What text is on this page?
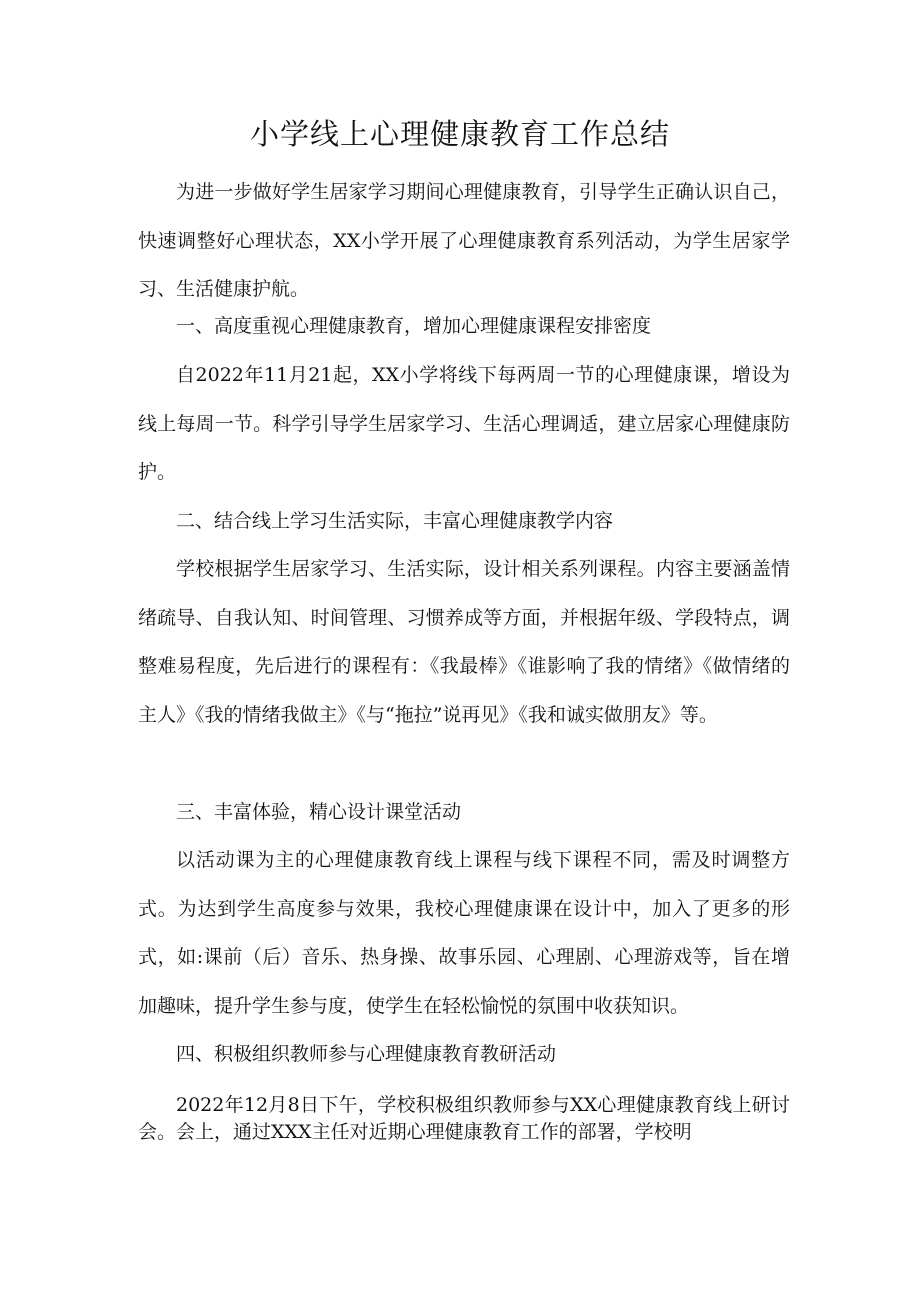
小学线上心理健康教育工作总结

为进一步做好学生居家学习期间心理健康教育，引导学生正确认识自己，快速调整好心理状态，XX小学开展了心理健康教育系列活动，为学生居家学习、生活健康护航。

一、高度重视心理健康教育，增加心理健康课程安排密度

自2022年11月21起，XX小学将线下每两周一节的心理健康课，增设为线上每周一节。科学引导学生居家学习、生活心理调适，建立居家心理健康防护。

二、结合线上学习生活实际，丰富心理健康教学内容

学校根据学生居家学习、生活实际，设计相关系列课程。内容主要涵盖情绪疏导、自我认知、时间管理、习惯养成等方面，并根据年级、学段特点，调整难易程度，先后进行的课程有：《我最棒》《谁影响了我的情绪》《做情绪的主人》《我的情绪我做主》《与“拖拉”说再见》《我和诚实做朋友》等。

三、丰富体验，精心设计课堂活动

以活动课为主的心理健康教育线上课程与线下课程不同，需及时调整方式。为达到学生高度参与效果，我校心理健康课在设计中，加入了更多的形式，如:课前（后）音乐、热身操、故事乐园、心理剧、心理游戏等，旨在增加趣味，提升学生参与度，使学生在轻松愉悦的氛围中收获知识。

四、积极组织教师参与心理健康教育教研活动

2022年12月8日下午，学校积极组织教师参与XX心理健康教育线上研讨会。会上，通过XXX主任对近期心理健康教育工作的部署，学校明
